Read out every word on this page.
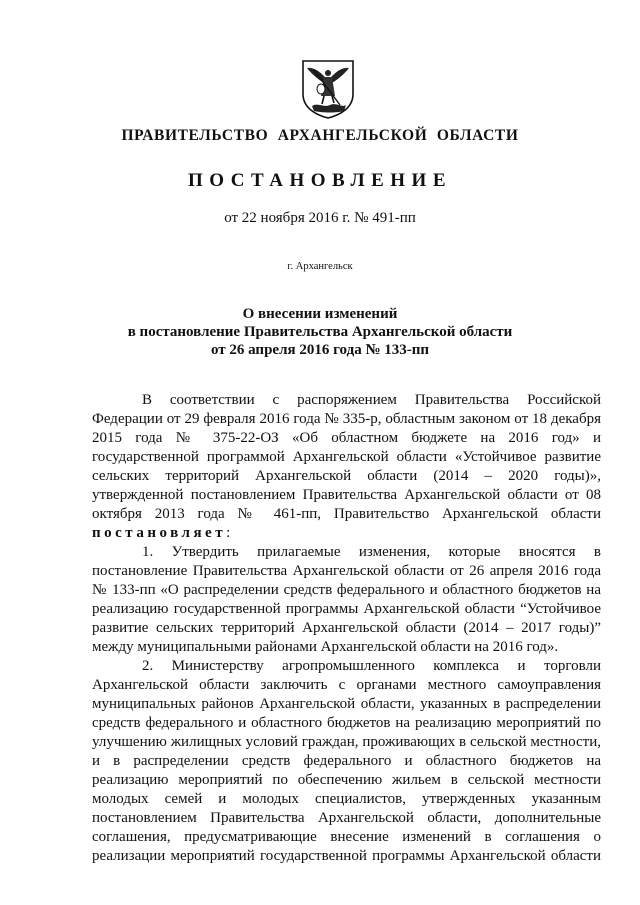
ПРАВИТЕЛЬСТВО АРХАНГЕЛЬСКОЙ ОБЛАСТИ
ПОСТАНОВЛЕНИЕ
от 22 ноября 2016 г. № 491-пп
г. Архангельск
О внесении изменений
в постановление Правительства Архангельской области
от 26 апреля 2016 года № 133-пп

В соответствии с распоряжением Правительства Российской Федерации от 29 февраля 2016 года № 335-р, областным законом от 18 декабря 2015 года № 375-22-ОЗ «Об областном бюджете на 2016 год» и государственной программой Архангельской области «Устойчивое развитие сельских территорий Архангельской области (2014 – 2020 годы)», утвержденной постановлением Правительства Архангельской области от 08 октября 2013 года № 461-пп, Правительство Архангельской области постановляет:

1. Утвердить прилагаемые изменения, которые вносятся в постановление Правительства Архангельской области от 26 апреля 2016 года № 133-пп «О распределении средств федерального и областного бюджетов на реализацию государственной программы Архангельской области “Устойчивое развитие сельских территорий Архангельской области (2014 – 2017 годы)” между муниципальными районами Архангельской области на 2016 год».

2. Министерству агропромышленного комплекса и торговли Архангельской области заключить с органами местного самоуправления муниципальных районов Архангельской области, указанных в распределении средств федерального и областного бюджетов на реализацию мероприятий по улучшению жилищных условий граждан, проживающих в сельской местности, и в распределении средств федерального и областного бюджетов на реализацию мероприятий по обеспечению жильем в сельской местности молодых семей и молодых специалистов, утвержденных указанным постановлением Правительства Архангельской области, дополнительные соглашения, предусматривающие внесение изменений в соглашения о реализации мероприятий государственной программы Архангельской области
